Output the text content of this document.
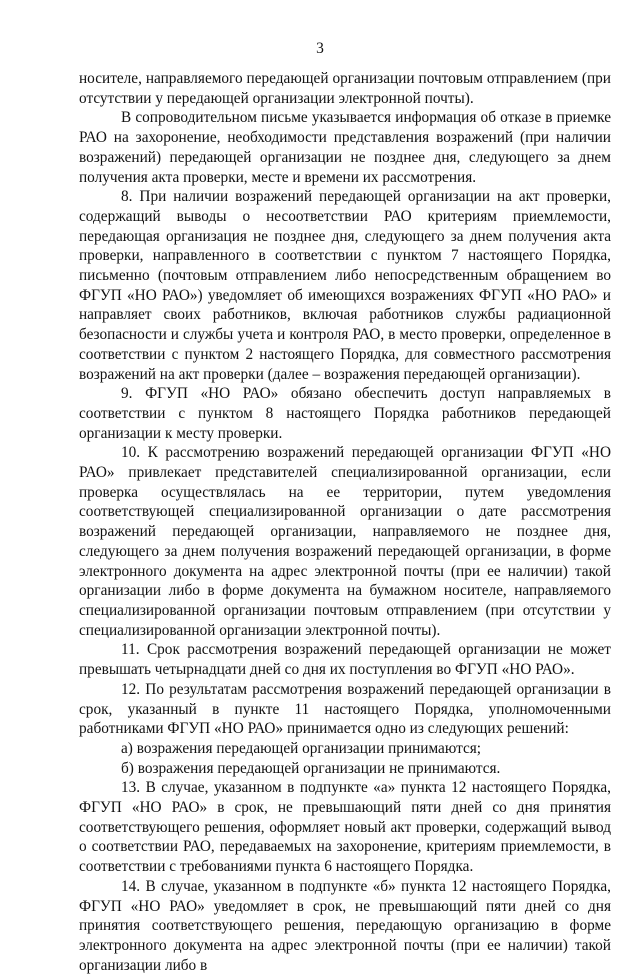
3

носителе, направляемого передающей организации почтовым отправлением (при отсутствии у передающей организации электронной почты).

В сопроводительном письме указывается информация об отказе в приемке РАО на захоронение, необходимости представления возражений (при наличии возражений) передающей организации не позднее дня, следующего за днем получения акта проверки, месте и времени их рассмотрения.

8. При наличии возражений передающей организации на акт проверки, содержащий выводы о несоответствии РАО критериям приемлемости, передающая организация не позднее дня, следующего за днем получения акта проверки, направленного в соответствии с пунктом 7 настоящего Порядка, письменно (почтовым отправлением либо непосредственным обращением во ФГУП «НО РАО») уведомляет об имеющихся возражениях ФГУП «НО РАО» и направляет своих работников, включая работников службы радиационной безопасности и службы учета и контроля РАО, в место проверки, определенное в соответствии с пунктом 2 настоящего Порядка, для совместного рассмотрения возражений на акт проверки (далее – возражения передающей организации).

9. ФГУП «НО РАО» обязано обеспечить доступ направляемых в соответствии с пунктом 8 настоящего Порядка работников передающей организации к месту проверки.

10. К рассмотрению возражений передающей организации ФГУП «НО РАО» привлекает представителей специализированной организации, если проверка осуществлялась на ее территории, путем уведомления соответствующей специализированной организации о дате рассмотрения возражений передающей организации, направляемого не позднее дня, следующего за днем получения возражений передающей организации, в форме электронного документа на адрес электронной почты (при ее наличии) такой организации либо в форме документа на бумажном носителе, направляемого специализированной организации почтовым отправлением (при отсутствии у специализированной организации электронной почты).

11. Срок рассмотрения возражений передающей организации не может превышать четырнадцати дней со дня их поступления во ФГУП «НО РАО».

12. По результатам рассмотрения возражений передающей организации в срок, указанный в пункте 11 настоящего Порядка, уполномоченными работниками ФГУП «НО РАО» принимается одно из следующих решений:

а) возражения передающей организации принимаются;

б) возражения передающей организации не принимаются.

13. В случае, указанном в подпункте «а» пункта 12 настоящего Порядка, ФГУП «НО РАО» в срок, не превышающий пяти дней со дня принятия соответствующего решения, оформляет новый акт проверки, содержащий вывод о соответствии РАО, передаваемых на захоронение, критериям приемлемости, в соответствии с требованиями пункта 6 настоящего Порядка.

14. В случае, указанном в подпункте «б» пункта 12 настоящего Порядка, ФГУП «НО РАО» уведомляет в срок, не превышающий пяти дней со дня принятия соответствующего решения, передающую организацию в форме электронного документа на адрес электронной почты (при ее наличии) такой организации либо в
